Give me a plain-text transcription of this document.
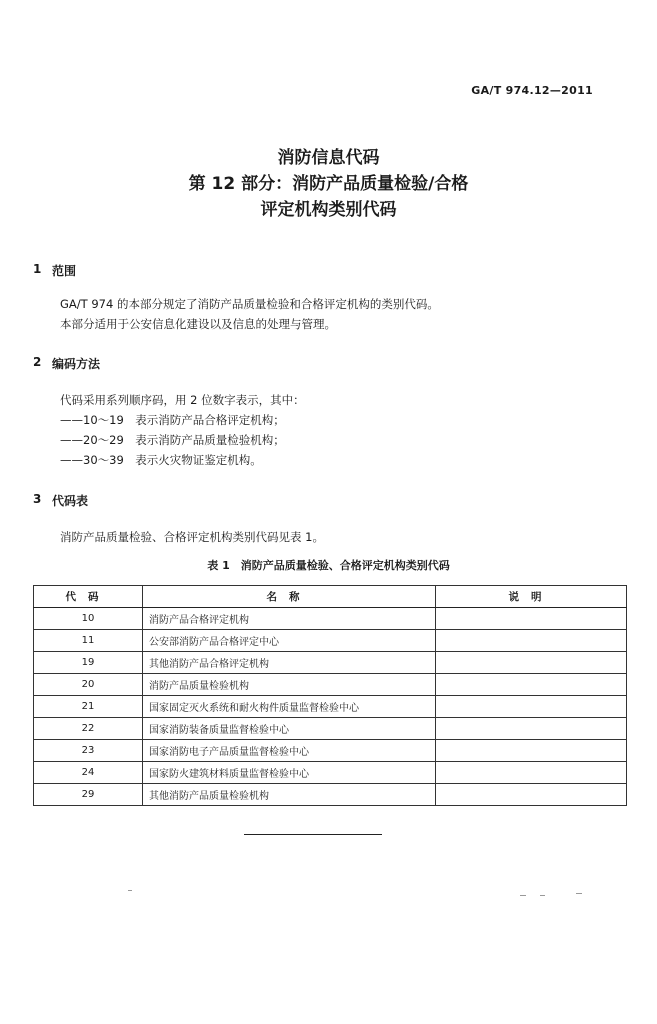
GA/T 974.12—2011
消防信息代码
第 12 部分：消防产品质量检验/合格
评定机构类别代码
1 范围
GA/T 974 的本部分规定了消防产品质量检验和合格评定机构的类别代码。
本部分适用于公安信息化建设以及信息的处理与管理。
2 编码方法
代码采用系列顺序码，用 2 位数字表示，其中：
——10～19　表示消防产品合格评定机构；
——20～29　表示消防产品质量检验机构；
——30～39　表示火灾物证鉴定机构。
3 代码表
消防产品质量检验、合格评定机构类别代码见表 1。
表 1　消防产品质量检验、合格评定机构类别代码
代码	名称	说明
10	消防产品合格评定机构	
11	公安部消防产品合格评定中心	
19	其他消防产品合格评定机构	
20	消防产品质量检验机构	
21	国家固定灭火系统和耐火构件质量监督检验中心	
22	国家消防装备质量监督检验中心	
23	国家消防电子产品质量监督检验中心	
24	国家防火建筑材料质量监督检验中心	
29	其他消防产品质量检验机构	
